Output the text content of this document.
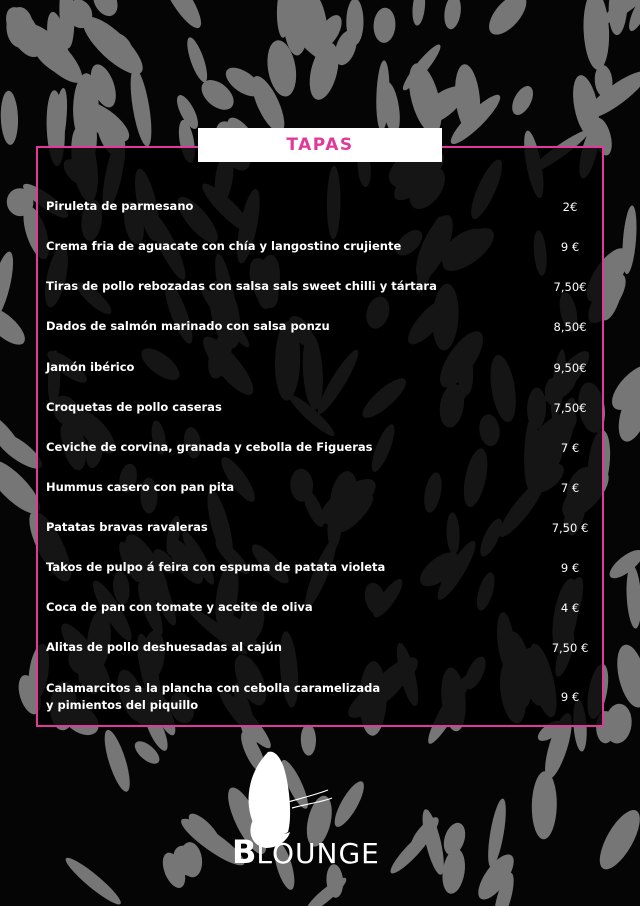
TAPAS
Piruleta de parmesano	2€
Crema fria de aguacate con chía y langostino crujiente	9 €
Tiras de pollo rebozadas con salsa sals sweet chilli y tártara	7,50€
Dados de salmón marinado con salsa ponzu	8,50€
Jamón ibérico	9,50€
Croquetas de pollo caseras	7,50€
Ceviche de corvina, granada y cebolla de Figueras	7 €
Hummus casero con pan pita	7 €
Patatas bravas ravaleras	7,50 €
Takos de pulpo á feira con espuma de patata violeta	9 €
Coca de pan con tomate y aceite de oliva	4 €
Alitas de pollo deshuesadas al cajún	7,50 €
Calamarcitos a la plancha con cebolla caramelizada
y pimientos del piquillo
9 €
BLOUNGE
